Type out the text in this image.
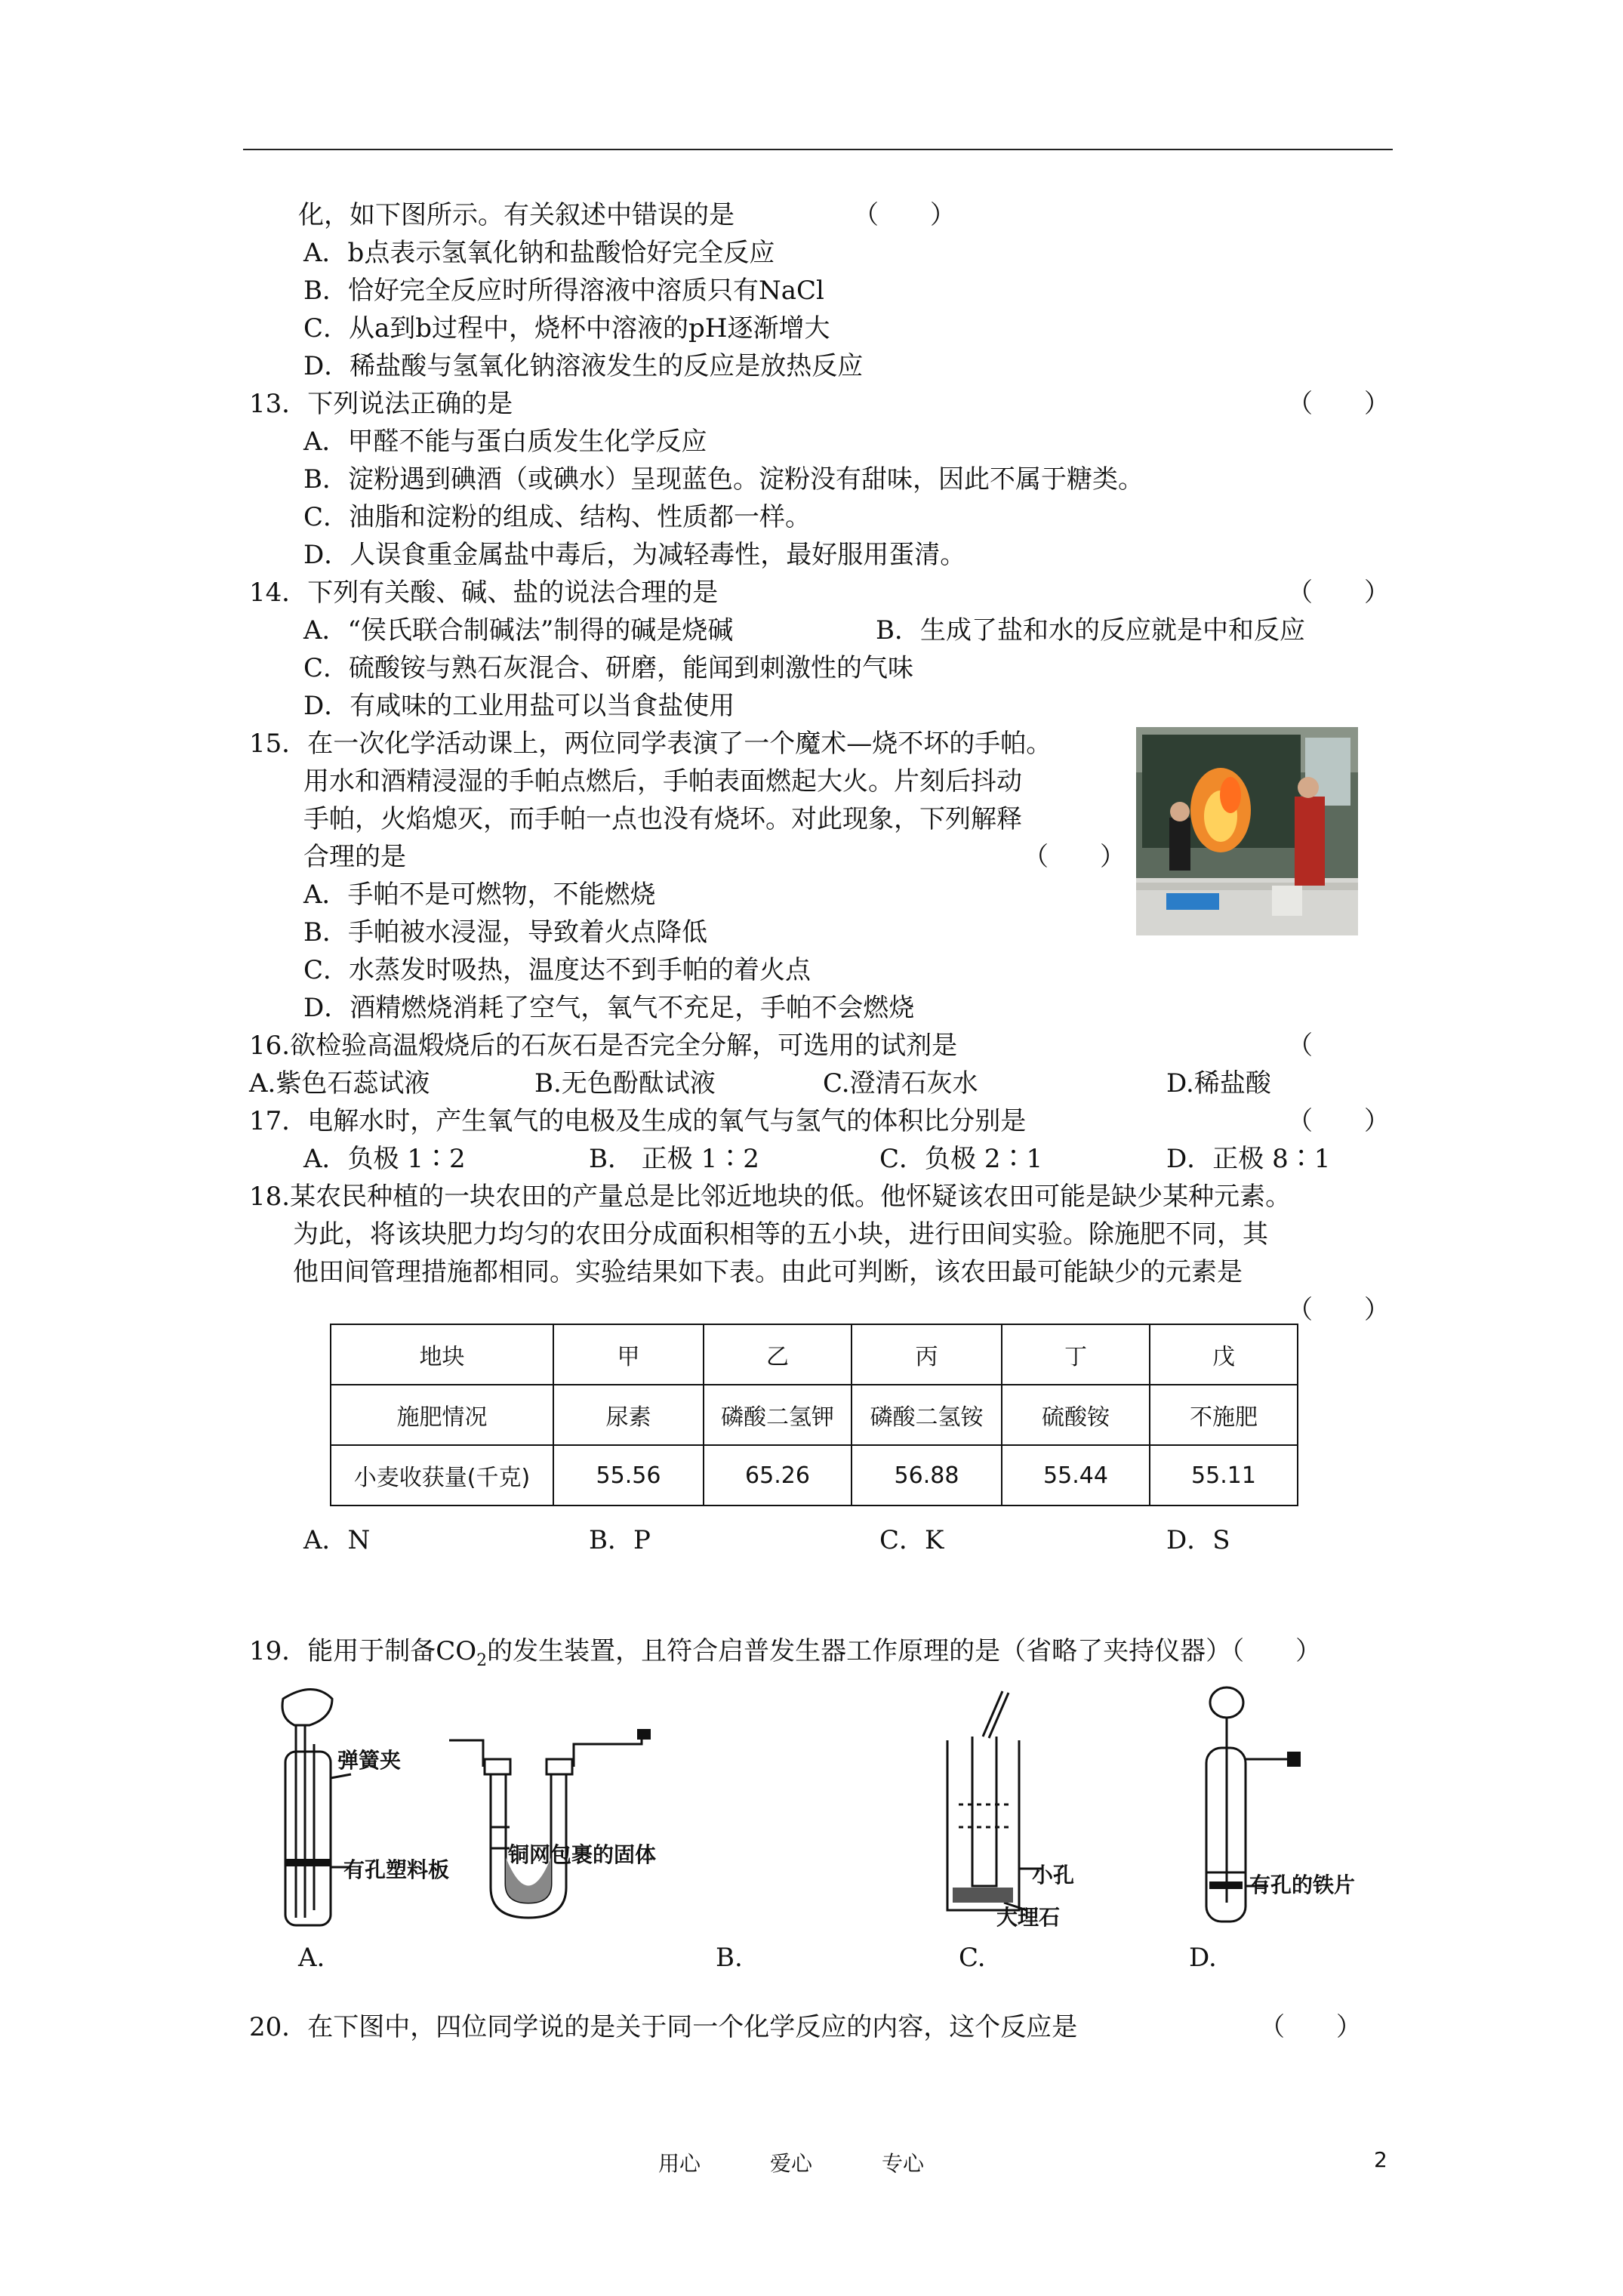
化，如下图所示。有关叙述中错误的是	（　　）
A．b点表示氢氧化钠和盐酸恰好完全反应
B．恰好完全反应时所得溶液中溶质只有NaCl
C．从a到b过程中，烧杯中溶液的pH逐渐增大
D．稀盐酸与氢氧化钠溶液发生的反应是放热反应
13．下列说法正确的是	（　　）
A．甲醛不能与蛋白质发生化学反应
B．淀粉遇到碘酒（或碘水）呈现蓝色。淀粉没有甜味，因此不属于糖类。
C．油脂和淀粉的组成、结构、性质都一样。
D．人误食重金属盐中毒后，为减轻毒性，最好服用蛋清。
14．下列有关酸、碱、盐的说法合理的是	（　　）
A．“侯氏联合制碱法”制得的碱是烧碱	B．生成了盐和水的反应就是中和反应
C．硫酸铵与熟石灰混合、研磨，能闻到刺激性的气味
D．有咸味的工业用盐可以当食盐使用
15．在一次化学活动课上，两位同学表演了一个魔术—烧不坏的手帕。
用水和酒精浸湿的手帕点燃后，手帕表面燃起大火。片刻后抖动
手帕，火焰熄灭，而手帕一点也没有烧坏。对此现象，下列解释
合理的是	（　　）
A．手帕不是可燃物，不能燃烧
B．手帕被水浸湿，导致着火点降低
C．水蒸发时吸热，温度达不到手帕的着火点
D．酒精燃烧消耗了空气，氧气不充足，手帕不会燃烧
16.欲检验高温煅烧后的石灰石是否完全分解，可选用的试剂是	（
A.紫色石蕊试液	B.无色酚酞试液	C.澄清石灰水	D.稀盐酸
17．电解水时，产生氧气的电极及生成的氧气与氢气的体积比分别是	（　　）
A．负极 1∶2	B． 正极 1∶2	C．负极 2∶1	D．正极 8∶1
18.某农民种植的一块农田的产量总是比邻近地块的低。他怀疑该农田可能是缺少某种元素。
为此，将该块肥力均匀的农田分成面积相等的五小块，进行田间实验。除施肥不同，其
他田间管理措施都相同。实验结果如下表。由此可判断，该农田最可能缺少的元素是
（　　）
地块	甲	乙	丙	丁	戊
施肥情况	尿素	磷酸二氢钾	磷酸二氢铵	硫酸铵	不施肥
小麦收获量(千克)	55.56	65.26	56.88	55.44	55.11
A．N	B．P	C．K	D．S
19．能用于制备$CO_2$的发生装置，且符合启普发生器工作原理的是（省略了夹持仪器）（　　）
弹簧夹
有孔塑料板
铜网包裹的固体
小孔
大理石
有孔的铁片
A.	B.	C.	D.
20．在下图中，四位同学说的是关于同一个化学反应的内容，这个反应是	（　　）
用心	爱心	专心	2
